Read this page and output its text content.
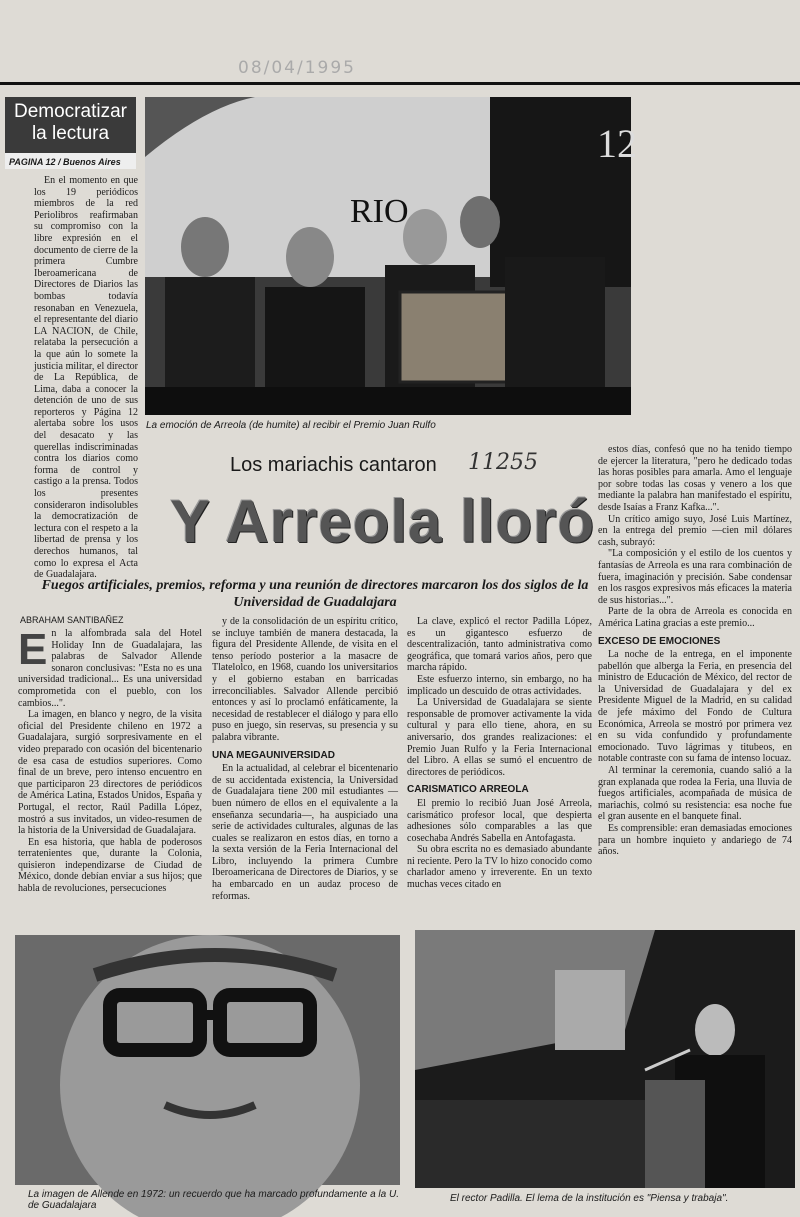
08/04/1995
Democratizar la lectura
PAGINA 12 / Buenos Aires

En el momento en que los 19 periódicos miembros de la red Periolibros reafirmaban su compromiso con la libre expresión en el documento de cierre de la primera Cumbre Iberoamericana de Directores de Diarios las bombas todavía resonaban en Venezuela, el representante del diario LA NACION, de Chile, relataba la persecución a la que aún lo somete la justicia militar, el director de La República, de Lima, daba a conocer la detención de uno de sus reporteros y Página 12 alertaba sobre los usos del desacato y las querellas indiscriminadas contra los diarios como forma de control y castigo a la prensa. Todos los presentes consideraron indisolubles la democratización de lectura con el respeto a la libertad de prensa y los derechos humanos, tal como lo expresa el Acta de Guadalajara.

RIO
12
La emoción de Arreola (de humite) al recibir el Premio Juan Rulfo
Los mariachis cantaron 11255
Y Arreola lloró
Fuegos artificiales, premios, reforma y una reunión de directores marcaron los dos siglos de la Universidad de Guadalajara
ABRAHAM SANTIBAÑEZ

estos días, confesó que no ha tenido tiempo de ejercer la literatura, "pero he dedicado todas las horas posibles para amarla. Amo el lenguaje por sobre todas las cosas y venero a los que mediante la palabra han manifestado el espíritu, desde Isaías a Franz Kafka...".

Un crítico amigo suyo, José Luis Martínez, en la entrega del premio —cien mil dólares cash, subrayó:

"La composición y el estilo de los cuentos y fantasías de Arreola es una rara combinación de fuera, imaginación y precisión. Sabe condensar en los rasgos expresivos más eficaces la materia de sus historias...".

Parte de la obra de Arreola es conocida en América Latina gracias a este premio...

EXCESO DE EMOCIONES

La noche de la entrega, en el imponente pabellón que alberga la Feria, en presencia del ministro de Educación de México, del rector de la Universidad de Guadalajara y del ex Presidente Miguel de la Madrid, en su calidad de jefe máximo del Fondo de Cultura Económica, Arreola se mostró por primera vez en su vida confundido y profundamente emocionado. Tuvo lágrimas y titubeos, en notable contraste con su fama de intenso locuaz.

Al terminar la ceremonia, cuando salió a la gran explanada que rodea la Feria, una lluvia de fuegos artificiales, acompañada de música de mariachis, colmó su resistencia: esa noche fue el gran ausente en el banquete final.

Es comprensible: eran demasiadas emociones para un hombre inquieto y andariego de 74 años.

E n la alfombrada sala del Hotel Holiday Inn de Guadalajara, las palabras de Salvador Allende sonaron conclusivas: "Esta no es una universidad tradicional... Es una universidad comprometida con el pueblo, con los cambios...".

La imagen, en blanco y negro, de la visita oficial del Presidente chileno en 1972 a Guadalajara, surgió sorpresivamente en el video preparado con ocasión del bicentenario de esa casa de estudios superiores. Como final de un breve, pero intenso encuentro en que participaron 23 directores de periódicos de América Latina, Estados Unidos, España y Portugal, el rector, Raúl Padilla López, mostró a sus invitados, un video-resumen de la historia de la Universidad de Guadalajara.

En esa historia, que habla de poderosos terratenientes que, durante la Colonia, quisieron independizarse de Ciudad de México, donde debían enviar a sus hijos; que habla de revoluciones, persecuciones

y de la consolidación de un espíritu crítico, se incluye también de manera destacada, la figura del Presidente Allende, de visita en el tenso período posterior a la masacre de Tlatelolco, en 1968, cuando los universitarios y el gobierno estaban en barricadas irreconciliables. Salvador Allende percibió entonces y así lo proclamó enfáticamente, la necesidad de restablecer el diálogo y para ello puso en juego, sin reservas, su presencia y su palabra vibrante.

UNA MEGAUNIVERSIDAD

En la actualidad, al celebrar el bicentenario de su accidentada existencia, la Universidad de Guadalajara tiene 200 mil estudiantes —buen número de ellos en el equivalente a la enseñanza secundaria—, ha auspiciado una serie de actividades culturales, algunas de las cuales se realizaron en estos días, en torno a la sexta versión de la Feria Internacional del Libro, incluyendo la primera Cumbre Iberoamericana de Directores de Diarios, y se ha embarcado en un audaz proceso de reformas.

La clave, explicó el rector Padilla López, es un gigantesco esfuerzo de descentralización, tanto administrativa como geográfica, que tomará varios años, pero que marcha rápido.

Este esfuerzo interno, sin embargo, no ha implicado un descuido de otras actividades.

La Universidad de Guadalajara se siente responsable de promover activamente la vida cultural y para ello tiene, ahora, en su aniversario, dos grandes realizaciones: el Premio Juan Rulfo y la Feria Internacional del Libro. A ellas se sumó el encuentro de directores de periódicos.

CARISMATICO ARREOLA

El premio lo recibió Juan José Arreola, carismático profesor local, que despierta adhesiones sólo comparables a las que cosechaba Andrés Sabella en Antofagasta.

Su obra escrita no es demasiado abundante ni reciente. Pero la TV lo hizo conocido como charlador ameno y irreverente. En un texto muchas veces citado en

La imagen de Allende en 1972: un recuerdo que ha marcado profundamente a la U. de Guadalajara
El rector Padilla. El lema de la institución es "Piensa y trabaja".
